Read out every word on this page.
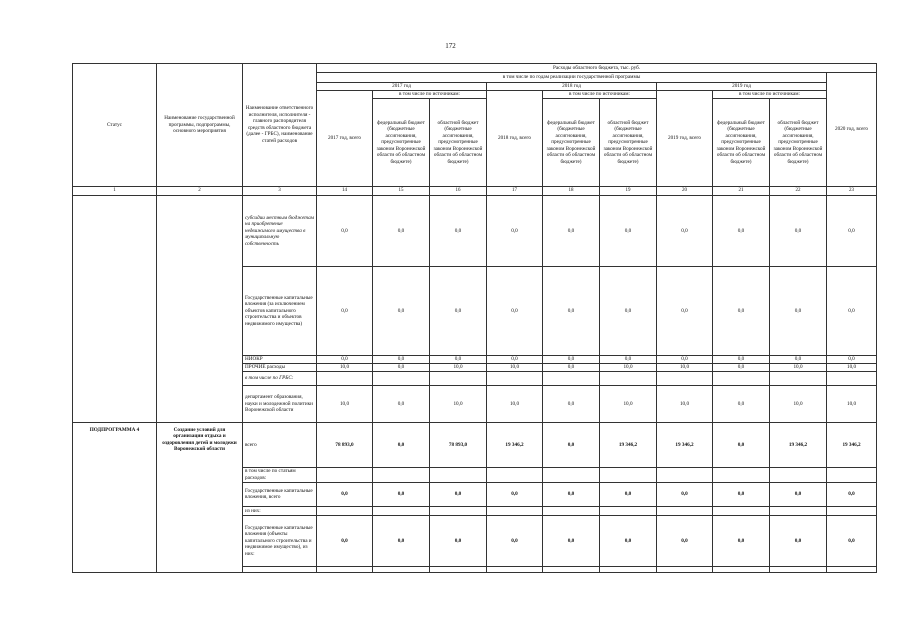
172
Статус	Наименование государственной программы, подпрограммы, основного мероприятия	Наименование ответственного исполнителя, исполнителя - главного распорядителя средств областного бюджета (далее - ГРБС), наименование статей расходов	Расходы областного бюджета, тыс. руб.										
			в том числе по годам реализации государственной программы									2020 год, всего	
			2017 год			2018 год			2019 год				
			2017 год, всего	в том числе по источникам:		2018 год, всего	в том числе по источникам:		2019 год, всего	в том числе по источникам:			
				федеральный бюджет (бюджетные ассигнования, предусмотренные законом Воронежской области об областном бюджете)	областной бюджет (бюджетные ассигнования, предусмотренные законом Воронежской области об областном бюджете)		федеральный бюджет (бюджетные ассигнования, предусмотренные законом Воронежской области об областном бюджете)	областной бюджет (бюджетные ассигнования, предусмотренные законом Воронежской области об областном бюджете)		федеральный бюджет (бюджетные ассигнования, предусмотренные законом Воронежской области об областном бюджете)	областной бюджет (бюджетные ассигнования, предусмотренные законом Воронежской области об областном бюджете)		
1	2	3	14	15	16	17	18	19	20	21	22	23	
		субсидии местным бюджетам на приобретение недвижимого имущества в муниципальную собственность	0,0	0,0	0,0	0,0	0,0	0,0	0,0	0,0	0,0	0,0	
		Государственные капитальные вложения (за исключением объектов капитального строительства и объектов недвижимого имущества)	0,0	0,0	0,0	0,0	0,0	0,0	0,0	0,0	0,0	0,0	
		НИОКР	0,0	0,0	0,0	0,0	0,0	0,0	0,0	0,0	0,0	0,0	
		ПРОЧИЕ расходы	10,0	0,0	10,0	10,0	0,0	10,0	10,0	0,0	10,0	10,0	
		в том числе по ГРБС:											
		департамент образования, науки и молодежной политики Воронежской области	10,0	0,0	10,0	10,0	0,0	10,0	10,0	0,0	10,0	10,0	
ПОДПРОГРАММА 4	Создание условий для организации отдыха и оздоровления детей и молодежи Воронежской области	всего	78 893,0	0,0	78 893,0	19 346,2	0,0	19 346,2	19 346,2	0,0	19 346,2	19 346,2	
		в том числе по статьям расходов:											
		Государственные капитальные вложения, всего	0,0	0,0	0,0	0,0	0,0	0,0	0,0	0,0	0,0	0,0	
		из них:											
		Государственные капитальные вложения (объекты капитального строительства и недвижимое имущество), из них:	0,0	0,0	0,0	0,0	0,0	0,0	0,0	0,0	0,0	0,0	
